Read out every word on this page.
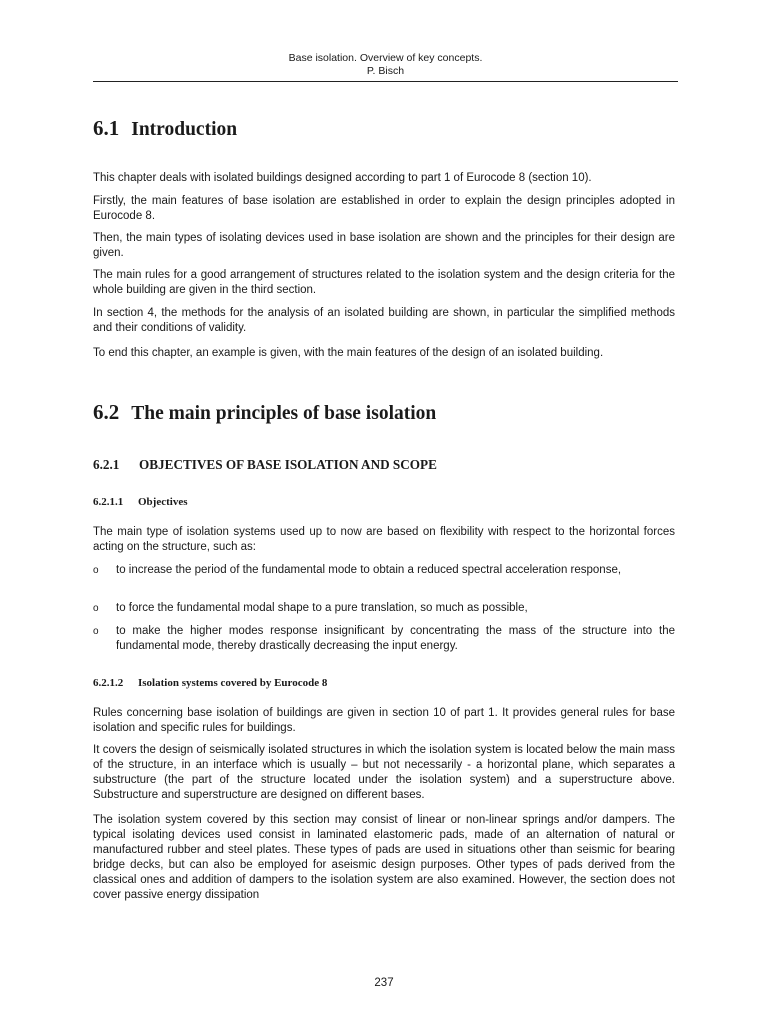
Base isolation. Overview of key concepts.
P. Bisch
6.1 Introduction

This chapter deals with isolated buildings designed according to part 1 of Eurocode 8 (section 10).

Firstly, the main features of base isolation are established in order to explain the design principles adopted in Eurocode 8.

Then, the main types of isolating devices used in base isolation are shown and the principles for their design are given.

The main rules for a good arrangement of structures related to the isolation system and the design criteria for the whole building are given in the third section.

In section 4, the methods for the analysis of an isolated building are shown, in particular the simplified methods and their conditions of validity.

To end this chapter, an example is given, with the main features of the design of an isolated building.

6.2 The main principles of base isolation
6.2.1 OBJECTIVES OF BASE ISOLATION AND SCOPE
6.2.1.1 Objectives

The main type of isolation systems used up to now are based on flexibility with respect to the horizontal forces acting on the structure, such as:

o to increase the period of the fundamental mode to obtain a reduced spectral acceleration response,
o to force the fundamental modal shape to a pure translation, so much as possible,
o to make the higher modes response insignificant by concentrating the mass of the structure into the fundamental mode, thereby drastically decreasing the input energy.
6.2.1.2 Isolation systems covered by Eurocode 8

Rules concerning base isolation of buildings are given in section 10 of part 1. It provides general rules for base isolation and specific rules for buildings.

It covers the design of seismically isolated structures in which the isolation system is located below the main mass of the structure, in an interface which is usually – but not necessarily - a horizontal plane, which separates a substructure (the part of the structure located under the isolation system) and a superstructure above. Substructure and superstructure are designed on different bases.

The isolation system covered by this section may consist of linear or non-linear springs and/or dampers. The typical isolating devices used consist in laminated elastomeric pads, made of an alternation of natural or manufactured rubber and steel plates. These types of pads are used in situations other than seismic for bearing bridge decks, but can also be employed for aseismic design purposes. Other types of pads derived from the classical ones and addition of dampers to the isolation system are also examined. However, the section does not cover passive energy dissipation

237
